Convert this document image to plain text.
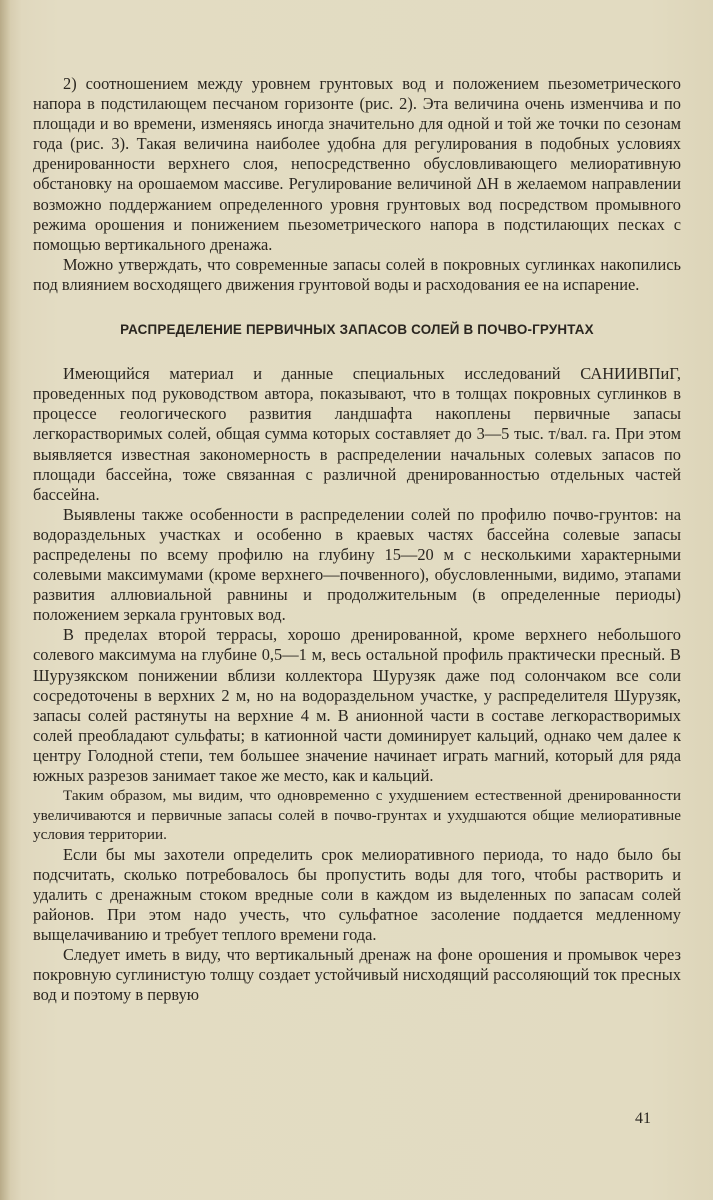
2) соотношением между уровнем грунтовых вод и положением пьезометрического напора в подстилающем песчаном горизонте (рис. 2). Эта величина очень изменчива и по площади и во времени, изменяясь иногда значительно для одной и той же точки по сезонам года (рис. 3). Такая величина наиболее удобна для регулирования в подобных условиях дренированности верхнего слоя, непосредственно обусловливающего мелиоративную обстановку на орошаемом массиве. Регулирование величиной ΔH в желаемом направлении возможно поддержанием определенного уровня грунтовых вод посредством промывного режима орошения и понижением пьезометрического напора в подстилающих песках с помощью вертикального дренажа.

Можно утверждать, что современные запасы солей в покровных суглинках накопились под влиянием восходящего движения грунтовой воды и расходования ее на испарение.

РАСПРЕДЕЛЕНИЕ ПЕРВИЧНЫХ ЗАПАСОВ СОЛЕЙ В ПОЧВО-ГРУНТАХ

Имеющийся материал и данные специальных исследований САНИИВПиГ, проведенных под руководством автора, показывают, что в толщах покровных суглинков в процессе геологического развития ландшафта накоплены первичные запасы легкорастворимых солей, общая сумма которых составляет до 3—5 тыс. т/вал. га. При этом выявляется известная закономерность в распределении начальных солевых запасов по площади бассейна, тоже связанная с различной дренированностью отдельных частей бассейна.

Выявлены также особенности в распределении солей по профилю почво-грунтов: на водораздельных участках и особенно в краевых частях бассейна солевые запасы распределены по всему профилю на глубину 15—20 м с несколькими характерными солевыми максимумами (кроме верхнего—почвенного), обусловленными, видимо, этапами развития аллювиальной равнины и продолжительным (в определенные периоды) положением зеркала грунтовых вод.

В пределах второй террасы, хорошо дренированной, кроме верхнего небольшого солевого максимума на глубине 0,5—1 м, весь остальной профиль практически пресный. В Шурузякском понижении вблизи коллектора Шурузяк даже под солончаком все соли сосредоточены в верхних 2 м, но на водораздельном участке, у распределителя Шурузяк, запасы солей растянуты на верхние 4 м. В анионной части в составе легкорастворимых солей преобладают сульфаты; в катионной части доминирует кальций, однако чем далее к центру Голодной степи, тем большее значение начинает играть магний, который для ряда южных разрезов занимает такое же место, как и кальций.

Таким образом, мы видим, что одновременно с ухудшением естественной дренированности увеличиваются и первичные запасы солей в почво-грунтах и ухудшаются общие мелиоративные условия территории.

Если бы мы захотели определить срок мелиоративного периода, то надо было бы подсчитать, сколько потребовалось бы пропустить воды для того, чтобы растворить и удалить с дренажным стоком вредные соли в каждом из выделенных по запасам солей районов. При этом надо учесть, что сульфатное засоление поддается медленному выщелачиванию и требует теплого времени года.

Следует иметь в виду, что вертикальный дренаж на фоне орошения и промывок через покровную суглинистую толщу создает устойчивый нисходящий рассоляющий ток пресных вод и поэтому в первую

41
